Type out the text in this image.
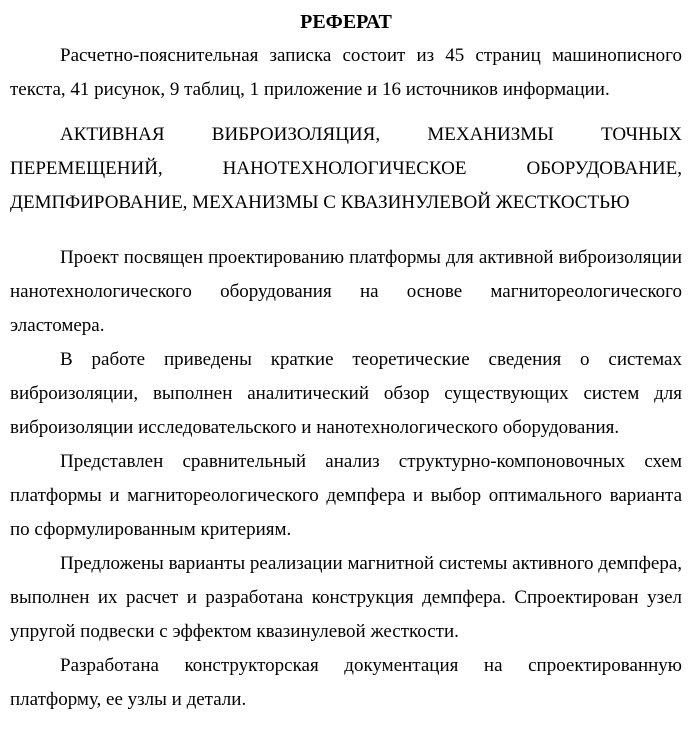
РЕФЕРАТ

Расчетно-пояснительная записка состоит из 45 страниц машинописного текста, 41 рисунок, 9 таблиц, 1 приложение и 16 источников информации.

АКТИВНАЯ ВИБРОИЗОЛЯЦИЯ, МЕХАНИЗМЫ ТОЧНЫХ ПЕРЕМЕЩЕНИЙ, НАНОТЕХНОЛОГИЧЕСКОЕ ОБОРУДОВАНИЕ, ДЕМПФИРОВАНИЕ, МЕХАНИЗМЫ С КВАЗИНУЛЕВОЙ ЖЕСТКОСТЬЮ

Проект посвящен проектированию платформы для активной виброизоляции нанотехнологического оборудования на основе магнитореологического эластомера.

В работе приведены краткие теоретические сведения о системах виброизоляции, выполнен аналитический обзор существующих систем для виброизоляции исследовательского и нанотехнологического оборудования.

Представлен сравнительный анализ структурно-компоновочных схем платформы и магнитореологического демпфера и выбор оптимального варианта по сформулированным критериям.

Предложены варианты реализации магнитной системы активного демпфера, выполнен их расчет и разработана конструкция демпфера. Спроектирован узел упругой подвески с эффектом квазинулевой жесткости.

Разработана конструкторская документация на спроектированную платформу, ее узлы и детали.
